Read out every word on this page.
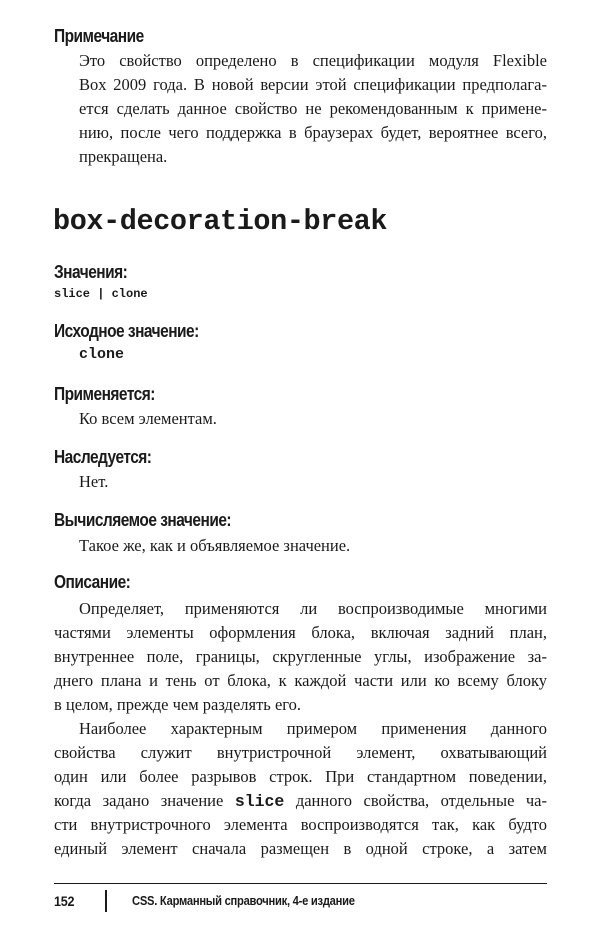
Примечание
Это свойство определено в спецификации модуля Flexible
Box 2009 года. В новой версии этой спецификации предполага-
ется сделать данное свойство не рекомендованным к примене-
нию, после чего поддержка в браузерах будет, вероятнее всего,
прекращена.
box-decoration-break
Значения:
slice | clone
Исходное значение:
clone
Применяется:
Ко всем элементам.
Наследуется:
Нет.
Вычисляемое значение:
Такое же, как и объявляемое значение.
Описание:
Определяет, применяются ли воспроизводимые многими
частями элементы оформления блока, включая задний план,
внутреннее поле, границы, скругленные углы, изображение за-
днего плана и тень от блока, к каждой части или ко всему блоку
в целом, прежде чем разделять его.
Наиболее характерным примером применения данного
свойства служит внутристрочной элемент, охватывающий
один или более разрывов строк. При стандартном поведении,
когда задано значение slice данного свойства, отдельные ча-
сти внутристрочного элемента воспроизводятся так, как будто
единый элемент сначала размещен в одной строке, а затем
152	CSS. Карманный справочник, 4-е издание
